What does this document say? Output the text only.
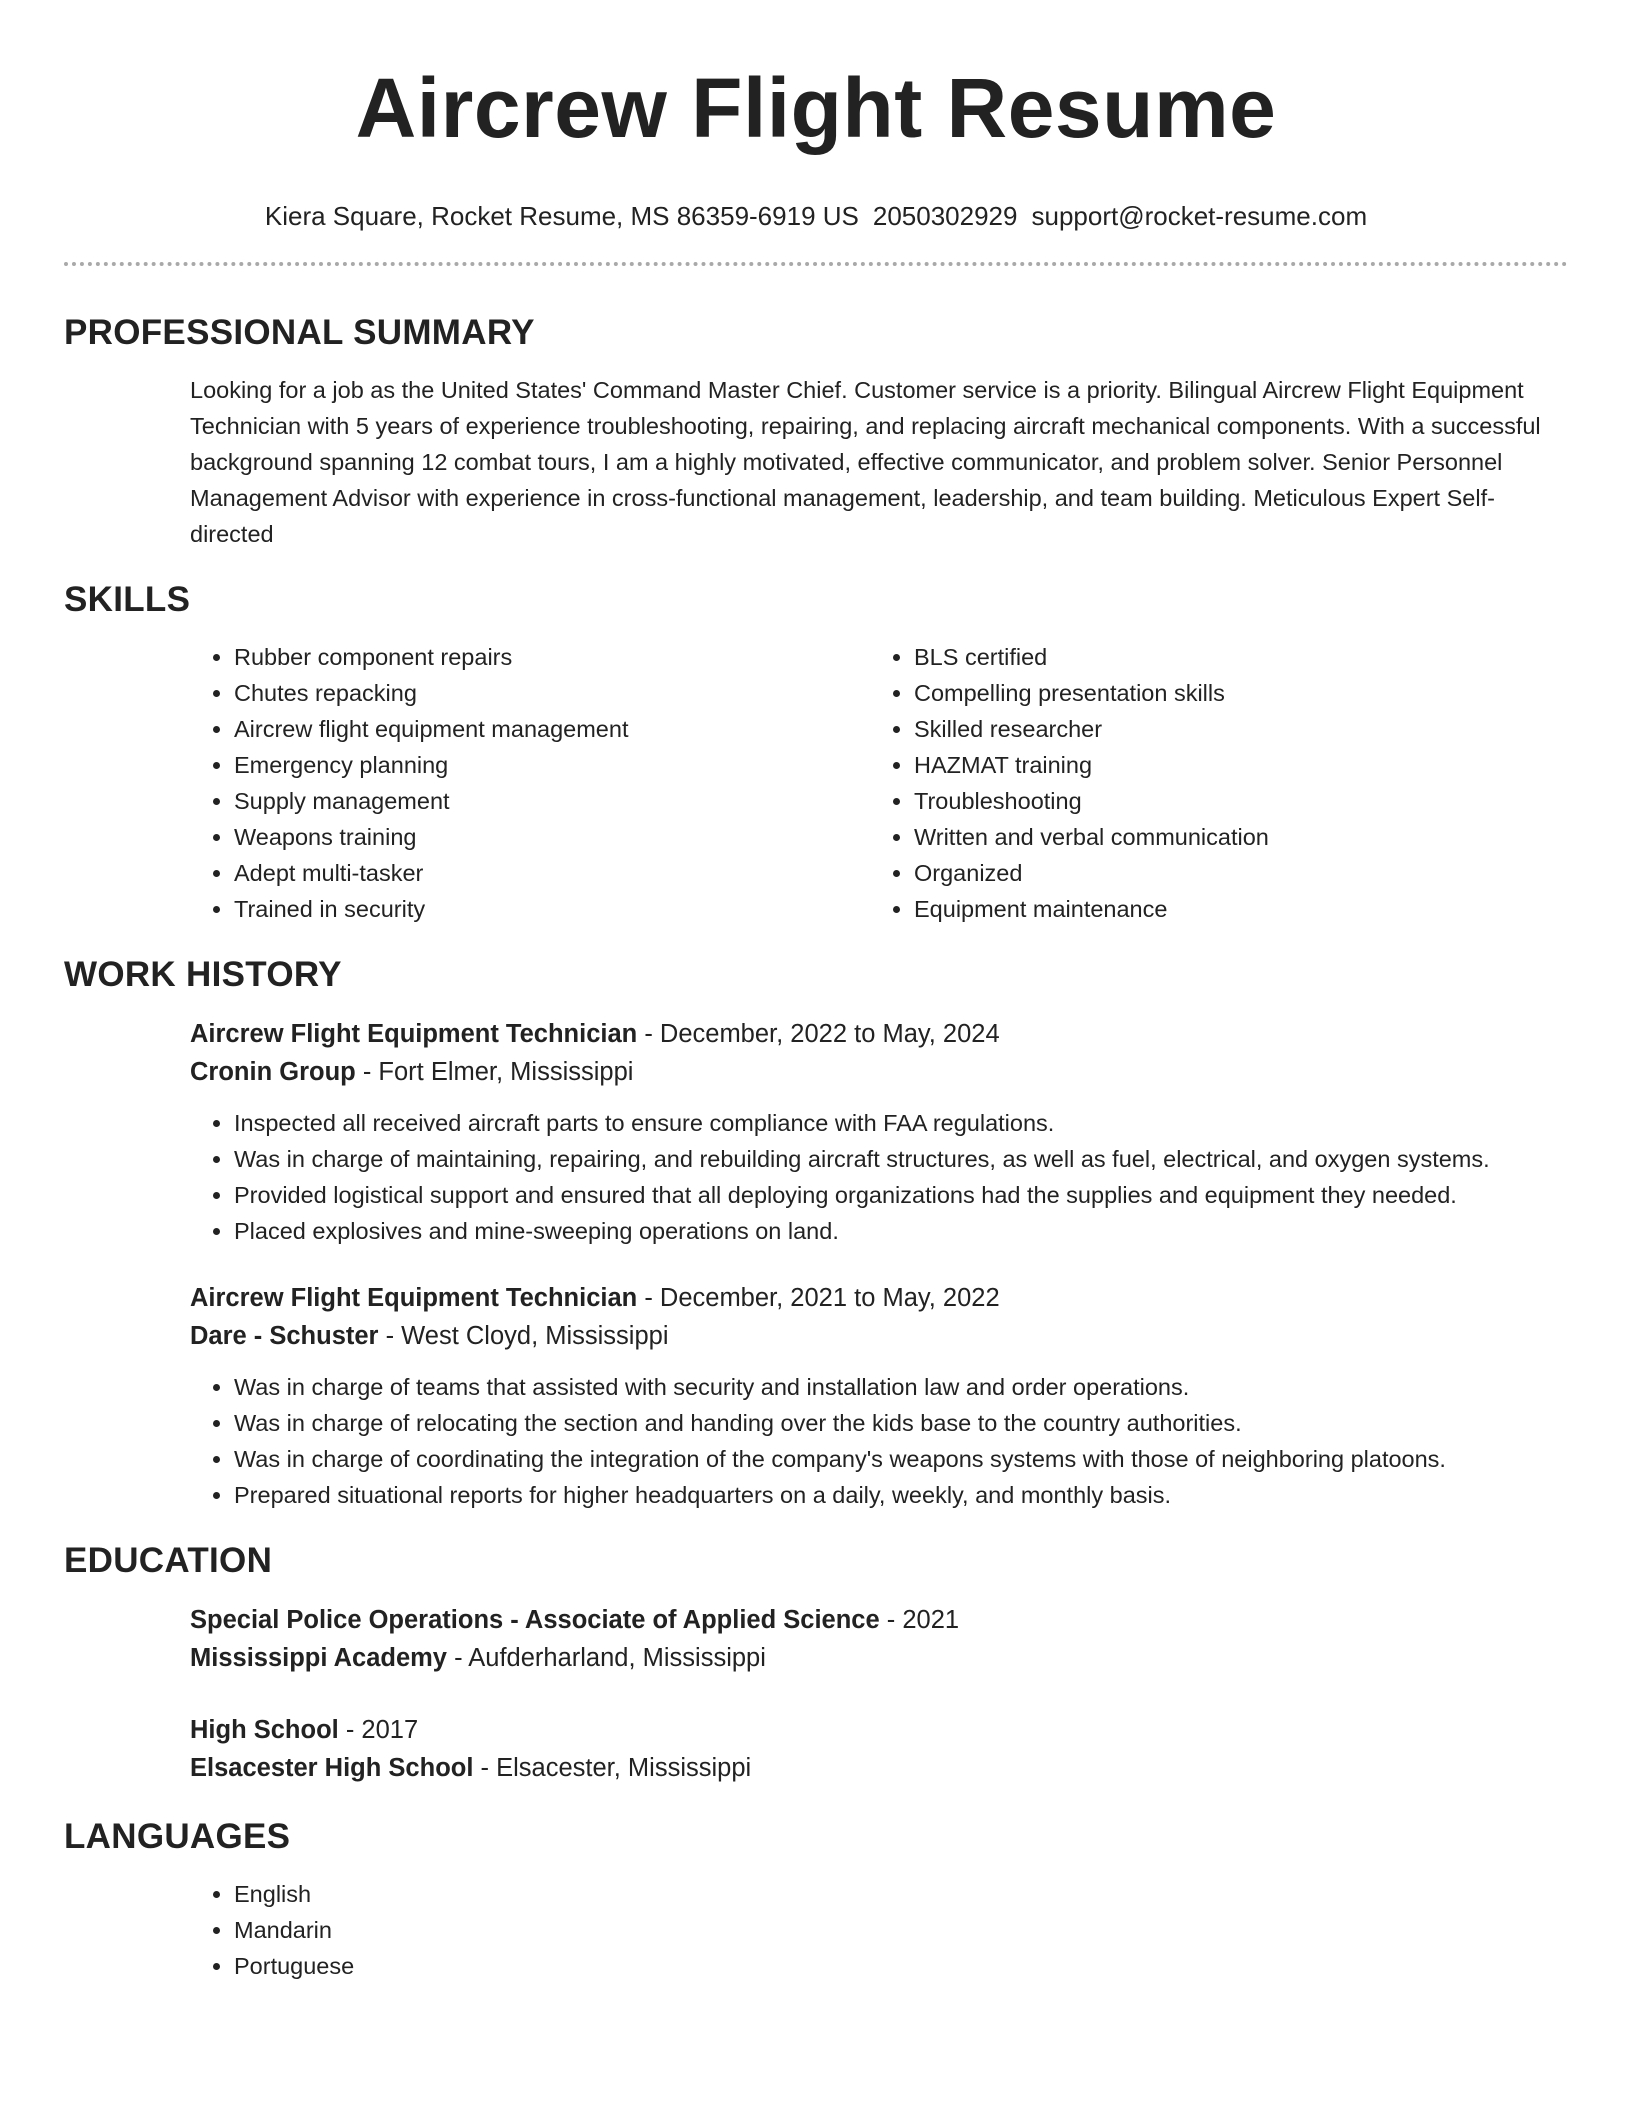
Aircrew Flight Resume
Kiera Square, Rocket Resume, MS 86359-6919 US 2050302929 support@rocket-resume.com
PROFESSIONAL SUMMARY

Looking for a job as the United States' Command Master Chief. Customer service is a priority. Bilingual Aircrew Flight Equipment Technician with 5 years of experience troubleshooting, repairing, and replacing aircraft mechanical components. With a successful background spanning 12 combat tours, I am a highly motivated, effective communicator, and problem solver. Senior Personnel Management Advisor with experience in cross-functional management, leadership, and team building. Meticulous Expert Self-directed

SKILLS
• Rubber component repairs
• Chutes repacking
• Aircrew flight equipment management
• Emergency planning
• Supply management
• Weapons training
• Adept multi-tasker
• Trained in security
• BLS certified
• Compelling presentation skills
• Skilled researcher
• HAZMAT training
• Troubleshooting
• Written and verbal communication
• Organized
• Equipment maintenance
WORK HISTORY
Aircrew Flight Equipment Technician - December, 2022 to May, 2024
Cronin Group - Fort Elmer, Mississippi
• Inspected all received aircraft parts to ensure compliance with FAA regulations.
• Was in charge of maintaining, repairing, and rebuilding aircraft structures, as well as fuel, electrical, and oxygen systems.
• Provided logistical support and ensured that all deploying organizations had the supplies and equipment they needed.
• Placed explosives and mine-sweeping operations on land.
Aircrew Flight Equipment Technician - December, 2021 to May, 2022
Dare - Schuster - West Cloyd, Mississippi
• Was in charge of teams that assisted with security and installation law and order operations.
• Was in charge of relocating the section and handing over the kids base to the country authorities.
• Was in charge of coordinating the integration of the company's weapons systems with those of neighboring platoons.
• Prepared situational reports for higher headquarters on a daily, weekly, and monthly basis.
EDUCATION
Special Police Operations - Associate of Applied Science - 2021
Mississippi Academy - Aufderharland, Mississippi
High School - 2017
Elsacester High School - Elsacester, Mississippi
LANGUAGES
• English
• Mandarin
• Portuguese
